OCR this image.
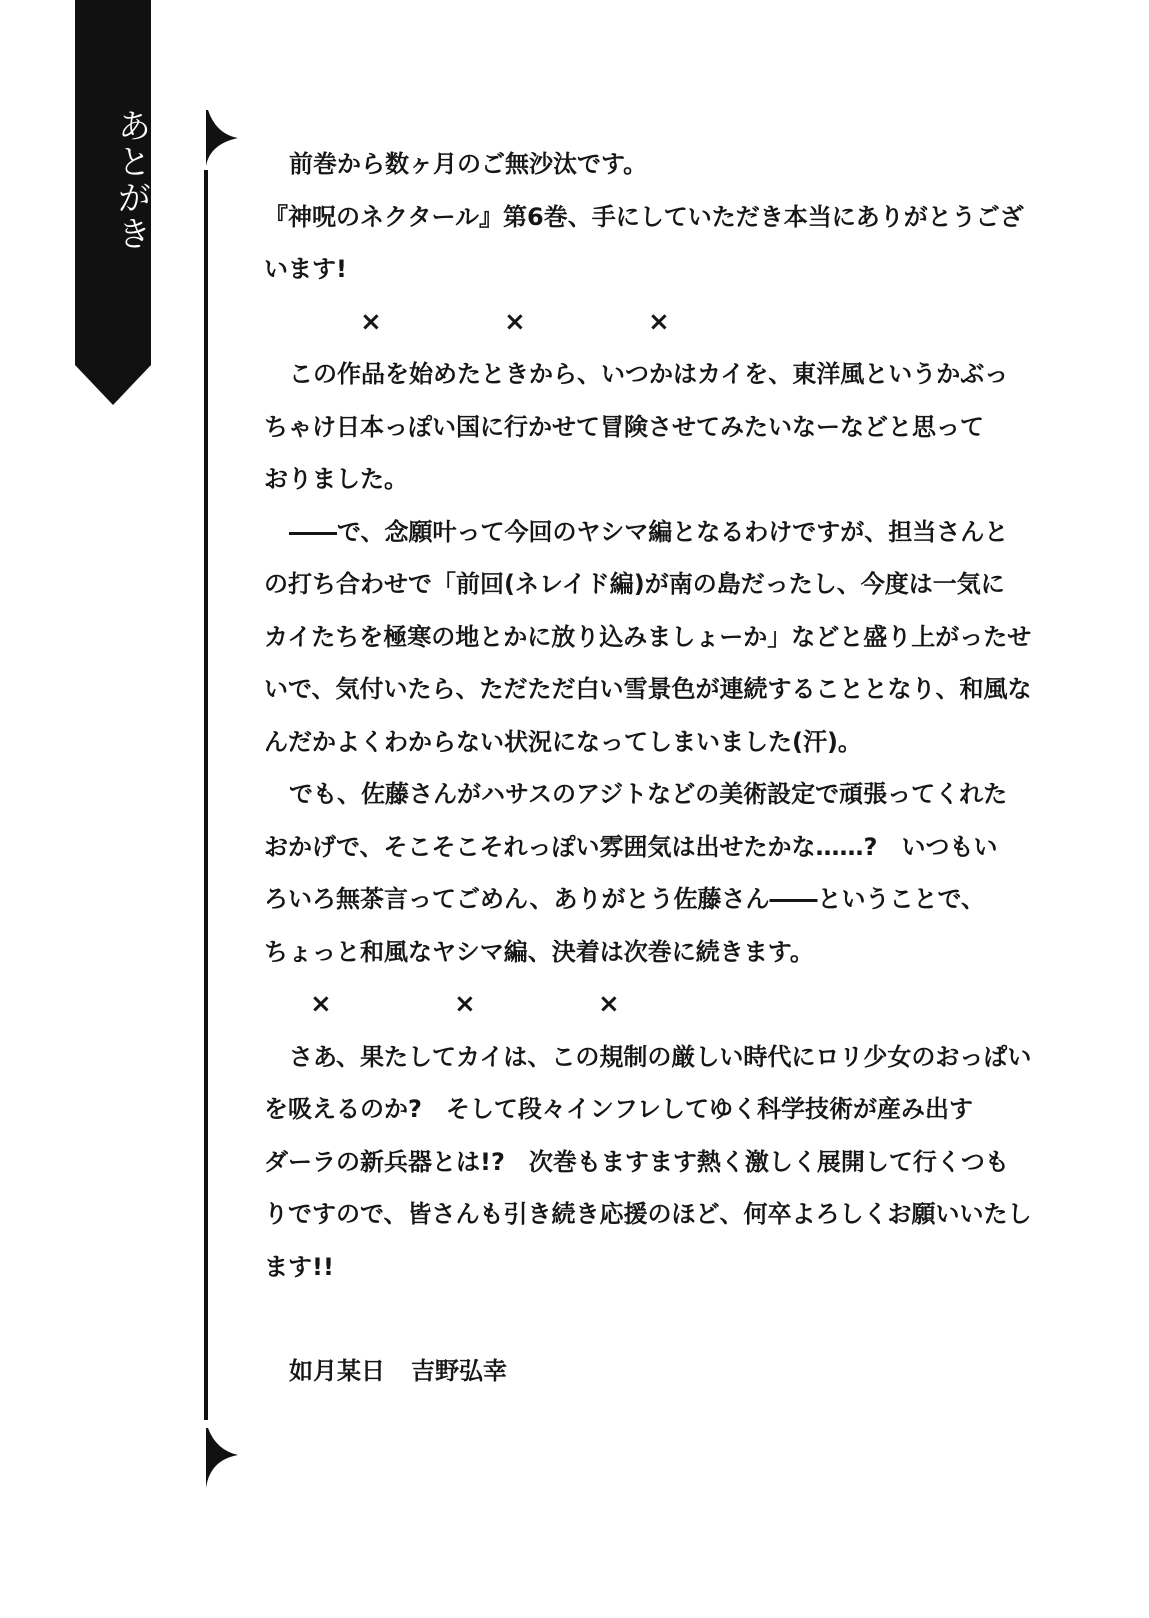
あとがき	前巻から数ヶ月のご無沙汰です。
『神呪のネクタール』第6巻、手にしていただき本当にありがとうござ
います!
×	×	×
この作品を始めたときから、いつかはカイを、東洋風というかぶっ
ちゃけ日本っぽい国に行かせて冒険させてみたいなーなどと思って
おりました。
――で、念願叶って今回のヤシマ編となるわけですが、担当さんと
の打ち合わせで「前回(ネレイド編)が南の島だったし、今度は一気に
カイたちを極寒の地とかに放り込みましょーか」などと盛り上がったせ
いで、気付いたら、ただただ白い雪景色が連続することとなり、和風な
んだかよくわからない状況になってしまいました(汗)。
でも、佐藤さんがハサスのアジトなどの美術設定で頑張ってくれた
おかげで、そこそこそれっぽい雰囲気は出せたかな……?　いつもい
ろいろ無茶言ってごめん、ありがとう佐藤さん――ということで、
ちょっと和風なヤシマ編、決着は次巻に続きます。
×	×	×
さあ、果たしてカイは、この規制の厳しい時代にロリ少女のおっぱい
を吸えるのか?　そして段々インフレしてゆく科学技術が産み出す
ダーラの新兵器とは!?　次巻もますます熱く激しく展開して行くつも
りですので、皆さんも引き続き応援のほど、何卒よろしくお願いいたし
ます!!
如月某日 吉野弘幸
